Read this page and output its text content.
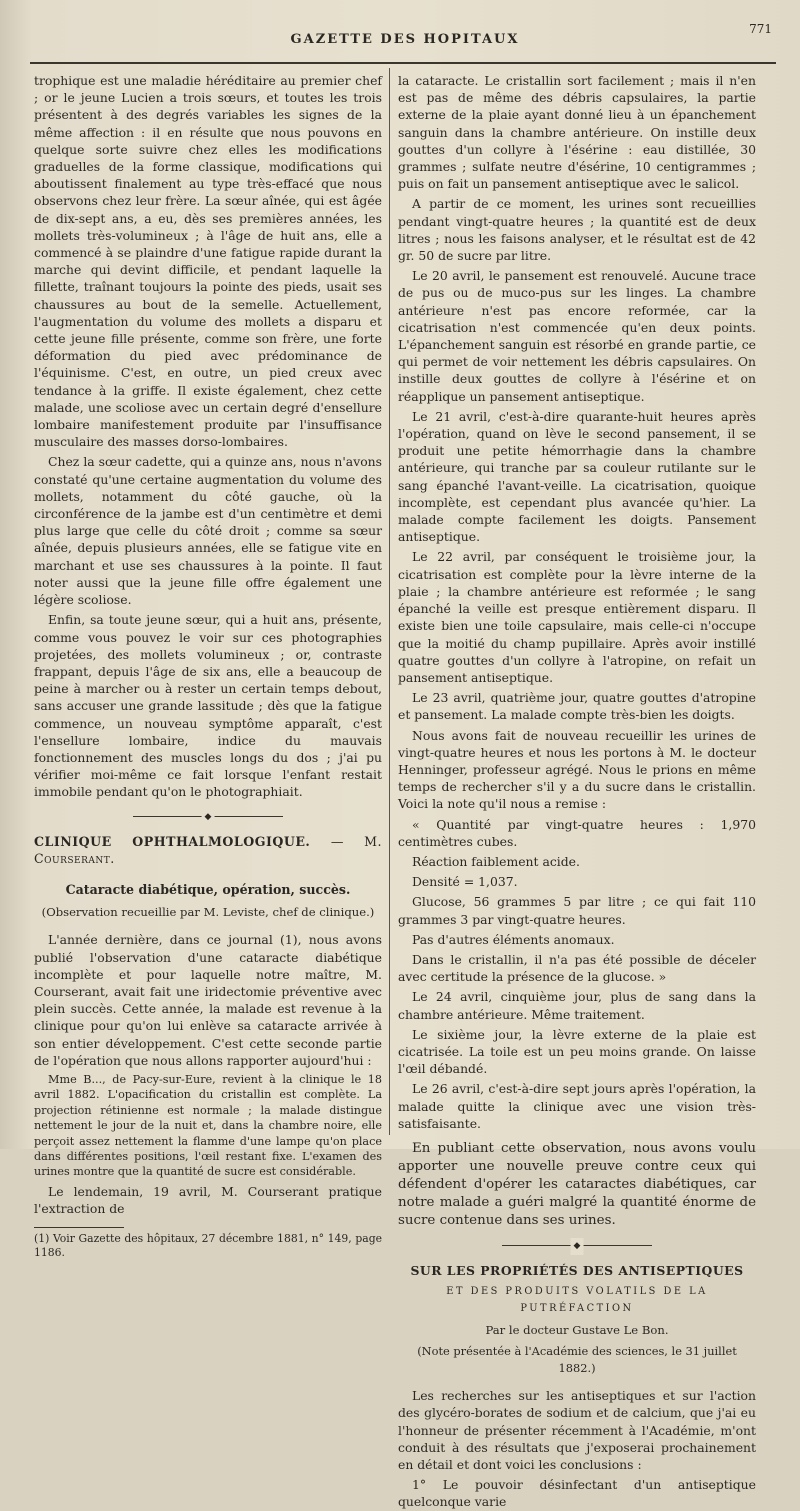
GAZETTE DES HOPITAUX
771

trophique est une maladie héréditaire au premier chef ; or le jeune Lucien a trois sœurs, et toutes les trois présentent à des degrés variables les signes de la même affection : il en résulte que nous pouvons en quelque sorte suivre chez elles les modifications graduelles de la forme classique, modifications qui aboutissent finalement au type très-effacé que nous observons chez leur frère. La sœur aînée, qui est âgée de dix-sept ans, a eu, dès ses premières années, les mollets très-volumineux ; à l'âge de huit ans, elle a commencé à se plaindre d'une fatigue rapide durant la marche qui devint difficile, et pendant laquelle la fillette, traînant toujours la pointe des pieds, usait ses chaussures au bout de la semelle. Actuellement, l'augmentation du volume des mollets a disparu et cette jeune fille présente, comme son frère, une forte déformation du pied avec prédominance de l'équinisme. C'est, en outre, un pied creux avec tendance à la griffe. Il existe également, chez cette malade, une scoliose avec un certain degré d'ensellure lombaire manifestement produite par l'insuffisance musculaire des masses dorso-lombaires.

Chez la sœur cadette, qui a quinze ans, nous n'avons constaté qu'une certaine augmentation du volume des mollets, notamment du côté gauche, où la circonférence de la jambe est d'un centimètre et demi plus large que celle du côté droit ; comme sa sœur aînée, depuis plusieurs années, elle se fatigue vite en marchant et use ses chaussures à la pointe. Il faut noter aussi que la jeune fille offre également une légère scoliose.

Enfin, sa toute jeune sœur, qui a huit ans, présente, comme vous pouvez le voir sur ces photographies projetées, des mollets volumineux ; or, contraste frappant, depuis l'âge de six ans, elle a beaucoup de peine à marcher ou à rester un certain temps debout, sans accuser une grande lassitude ; dès que la fatigue commence, un nouveau symptôme apparaît, c'est l'ensellure lombaire, indice du mauvais fonctionnement des muscles longs du dos ; j'ai pu vérifier moi-même ce fait lorsque l'enfant restait immobile pendant qu'on le photographiait.

◆
CLINIQUE OPHTHALMOLOGIQUE. — M. Courserant.
Cataracte diabétique, opération, succès.
(Observation recueillie par M. Leviste, chef de clinique.)

L'année dernière, dans ce journal (1), nous avons publié l'observation d'une cataracte diabétique incomplète et pour laquelle notre maître, M. Courserant, avait fait une iridectomie préventive avec plein succès. Cette année, la malade est revenue à la clinique pour qu'on lui enlève sa cataracte arrivée à son entier développement. C'est cette seconde partie de l'opération que nous allons rapporter aujourd'hui :

Mme B..., de Pacy-sur-Eure, revient à la clinique le 18 avril 1882. L'opacification du cristallin est complète. La projection rétinienne est normale ; la malade distingue nettement le jour de la nuit et, dans la chambre noire, elle perçoit assez nettement la flamme d'une lampe qu'on place dans différentes positions, l'œil restant fixe. L'examen des urines montre que la quantité de sucre est considérable.

Le lendemain, 19 avril, M. Courserant pratique l'extraction de

(1) Voir Gazette des hôpitaux, 27 décembre 1881, n° 149, page 1186.

la cataracte. Le cristallin sort facilement ; mais il n'en est pas de même des débris capsulaires, la partie externe de la plaie ayant donné lieu à un épanchement sanguin dans la chambre antérieure. On instille deux gouttes d'un collyre à l'ésérine : eau distillée, 30 grammes ; sulfate neutre d'ésérine, 10 centigrammes ; puis on fait un pansement antiseptique avec le salicol.

A partir de ce moment, les urines sont recueillies pendant vingt-quatre heures ; la quantité est de deux litres ; nous les faisons analyser, et le résultat est de 42 gr. 50 de sucre par litre.

Le 20 avril, le pansement est renouvelé. Aucune trace de pus ou de muco-pus sur les linges. La chambre antérieure n'est pas encore reformée, car la cicatrisation n'est commencée qu'en deux points. L'épanchement sanguin est résorbé en grande partie, ce qui permet de voir nettement les débris capsulaires. On instille deux gouttes de collyre à l'ésérine et on réapplique un pansement antiseptique.

Le 21 avril, c'est-à-dire quarante-huit heures après l'opération, quand on lève le second pansement, il se produit une petite hémorrhagie dans la chambre antérieure, qui tranche par sa couleur rutilante sur le sang épanché l'avant-veille. La cicatrisation, quoique incomplète, est cependant plus avancée qu'hier. La malade compte facilement les doigts. Pansement antiseptique.

Le 22 avril, par conséquent le troisième jour, la cicatrisation est complète pour la lèvre interne de la plaie ; la chambre antérieure est reformée ; le sang épanché la veille est presque entièrement disparu. Il existe bien une toile capsulaire, mais celle-ci n'occupe que la moitié du champ pupillaire. Après avoir instillé quatre gouttes d'un collyre à l'atropine, on refait un pansement antiseptique.

Le 23 avril, quatrième jour, quatre gouttes d'atropine et pansement. La malade compte très-bien les doigts.

Nous avons fait de nouveau recueillir les urines de vingt-quatre heures et nous les portons à M. le docteur Henninger, professeur agrégé. Nous le prions en même temps de rechercher s'il y a du sucre dans le cristallin. Voici la note qu'il nous a remise :

« Quantité par vingt-quatre heures : 1,970 centimètres cubes.

Réaction faiblement acide.

Densité = 1,037.

Glucose, 56 grammes 5 par litre ; ce qui fait 110 grammes 3 par vingt-quatre heures.

Pas d'autres éléments anomaux.

Dans le cristallin, il n'a pas été possible de déceler avec certitude la présence de la glucose. »

Le 24 avril, cinquième jour, plus de sang dans la chambre antérieure. Même traitement.

Le sixième jour, la lèvre externe de la plaie est cicatrisée. La toile est un peu moins grande. On laisse l'œil débandé.

Le 26 avril, c'est-à-dire sept jours après l'opération, la malade quitte la clinique avec une vision très-satisfaisante.

En publiant cette observation, nous avons voulu apporter une nouvelle preuve contre ceux qui défendent d'opérer les cataractes diabétiques, car notre malade a guéri malgré la quantité énorme de sucre contenue dans ses urines.

◆
SUR LES PROPRIÉTÉS DES ANTISEPTIQUES
ET DES PRODUITS VOLATILS DE LA PUTRÉFACTION
Par le docteur Gustave Le Bon.
(Note présentée à l'Académie des sciences, le 31 juillet 1882.)

Les recherches sur les antiseptiques et sur l'action des glycéro-borates de sodium et de calcium, que j'ai eu l'honneur de présenter récemment à l'Académie, m'ont conduit à des résultats que j'exposerai prochainement en détail et dont voici les conclusions :

1° Le pouvoir désinfectant d'un antiseptique quelconque varie
